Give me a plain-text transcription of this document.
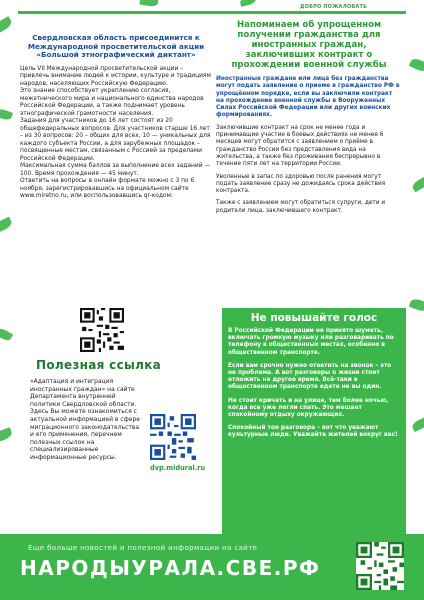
ДОБРО ПОЖАЛОВАТЬ
Свердловская область присоединится к Международной просветительской акции «Большой этнографический диктант»

Цель VII Международной просветительской акции – привлечь внимание людей к истории, культуре и традициям народов, населяющих Российскую Федерацию.

Это знание способствует укреплению согласия, межэтнического мира и национального единства народов Российской Федерации, а также поднимает уровень этнографической грамотности населения.

Задания для участников до 16 лет состоят из 20 общефедеральных вопросов. Для участников старше 16 лет – из 30 вопросов: 20 – общих для всех, 10 — уникальных для каждого субъекта России, а для зарубежных площадок – посвященные местам, связанным с Россией за пределами Российской Федерации.

Максимальная сумма баллов за выполнение всех заданий — 100. Время прохождения — 45 минут.

Ответить на вопросы в онлайн формате можно с 3 по 6 ноября, зарегистрировавшись на официальном сайте www.miretno.ru, или воспользовавшись qr-кодом:

Полезная ссылка
«Адаптация и интеграция иностранных граждан» на сайте Департамента внутренней политики Свердловской области. Здесь Вы можете ознакомиться с актуальной информацией в сфере миграционного законодательства и его применения, перечнем полезных ссылок на специализированные информационные ресурсы.
dvp.midural.ru
Напоминаем об упрощенном получении гражданства для иностранных граждан, заключивших контракт о прохождении военной службы
Иностранные граждане или лица без гражданства могут подать заявление о приеме в гражданство РФ в упрощённом порядке, если вы заключили контракт на прохождение военной службы в Вооруженных Силах Российской Федерации или других воинских формированиях.

Заключившие контракт на срок не менее года и принимавшие участие в боевых действиях не менее 6 месяцев могут обратится с заявлением о приёме в гражданство России без представления вида на жительства, а также без проживания беспрерывно в течение пяти лет на территории России.

Уволенные в запас по здоровью после ранения могут подать заявление сразу не дожидаясь срока действия контракта.

Также с заявлением могут обратиться супруги, дети и родители лица, заключившего контракт.

Не повышайте голос

В Российской Федерации не принято шуметь, включать громкую музыку или разговаривать по телефону в общественных местах, особенно в общественном транспорте.

Если вам срочно нужно ответить на звонок – это не проблема. А вот разговоры о жизни стоит отложить на другое время. Всё-таки в общественном транспорте едете не вы один.

Не стоит кричать и на улице, тем более ночью, когда все уже легли спать. Это мешает спокойному отдыху окружающих.

Спокойный тон разговора – вот что уважают культурные люди. Уважайте жителей вокруг вас!

Еще больше новостей и полезной информации на сайте
НАРОДЫУРАЛА.СВЕ.РФ
